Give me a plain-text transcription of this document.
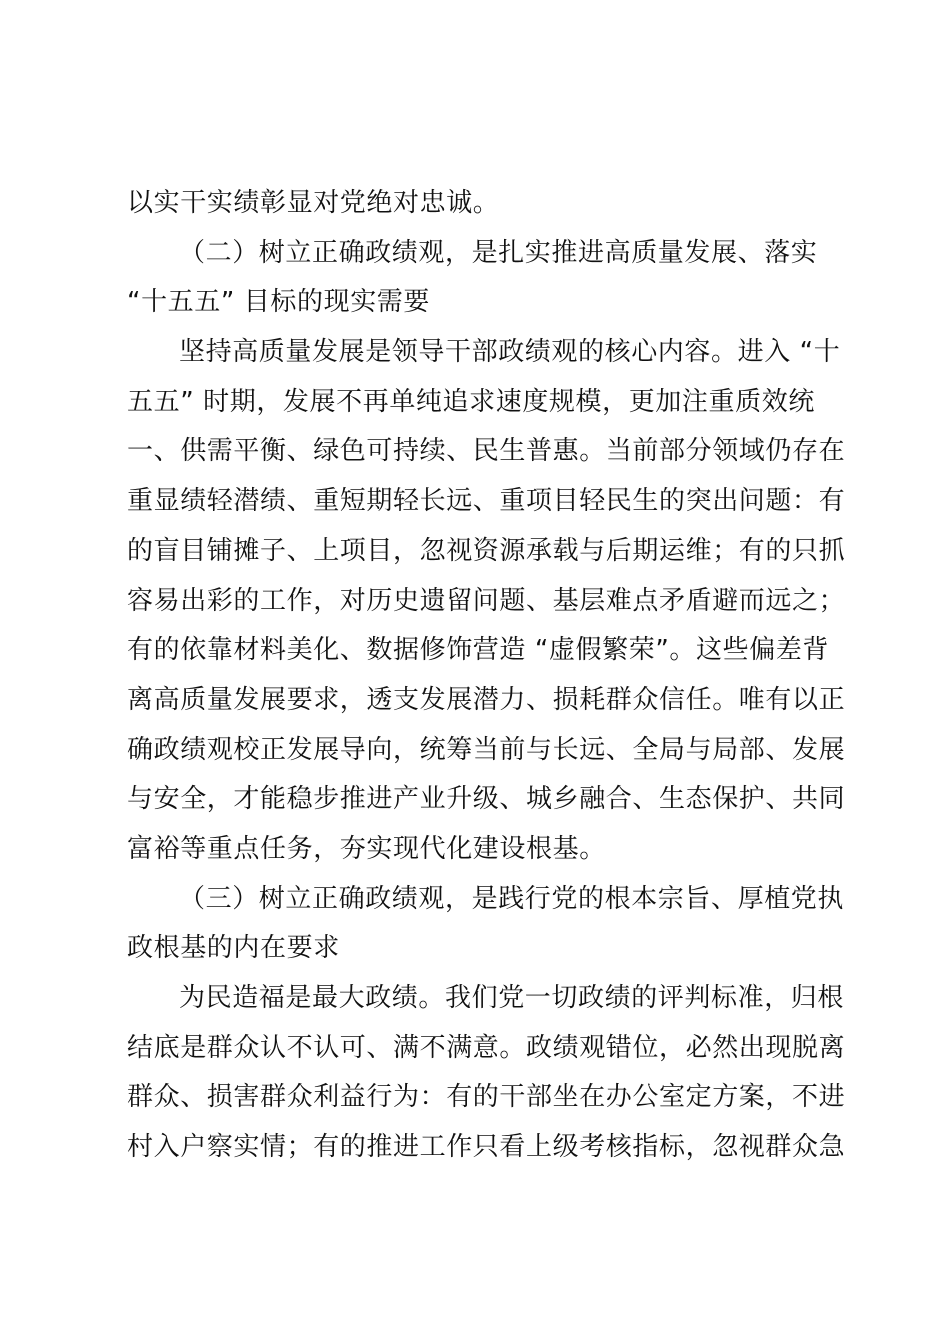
以实干实绩彰显对党绝对忠诚。
（二）树立正确政绩观，是扎实推进高质量发展、落实
“十五五” 目标的现实需要
坚持高质量发展是领导干部政绩观的核心内容。进入 “十
五五” 时期，发展不再单纯追求速度规模，更加注重质效统
一、供需平衡、绿色可持续、民生普惠。当前部分领域仍存在
重显绩轻潜绩、重短期轻长远、重项目轻民生的突出问题：有
的盲目铺摊子、上项目，忽视资源承载与后期运维；有的只抓
容易出彩的工作，对历史遗留问题、基层难点矛盾避而远之；
有的依靠材料美化、数据修饰营造 “虚假繁荣”。这些偏差背
离高质量发展要求，透支发展潜力、损耗群众信任。唯有以正
确政绩观校正发展导向，统筹当前与长远、全局与局部、发展
与安全，才能稳步推进产业升级、城乡融合、生态保护、共同
富裕等重点任务，夯实现代化建设根基。
（三）树立正确政绩观，是践行党的根本宗旨、厚植党执
政根基的内在要求
为民造福是最大政绩。我们党一切政绩的评判标准，归根
结底是群众认不认可、满不满意。政绩观错位，必然出现脱离
群众、损害群众利益行为：有的干部坐在办公室定方案，不进
村入户察实情；有的推进工作只看上级考核指标，忽视群众急
